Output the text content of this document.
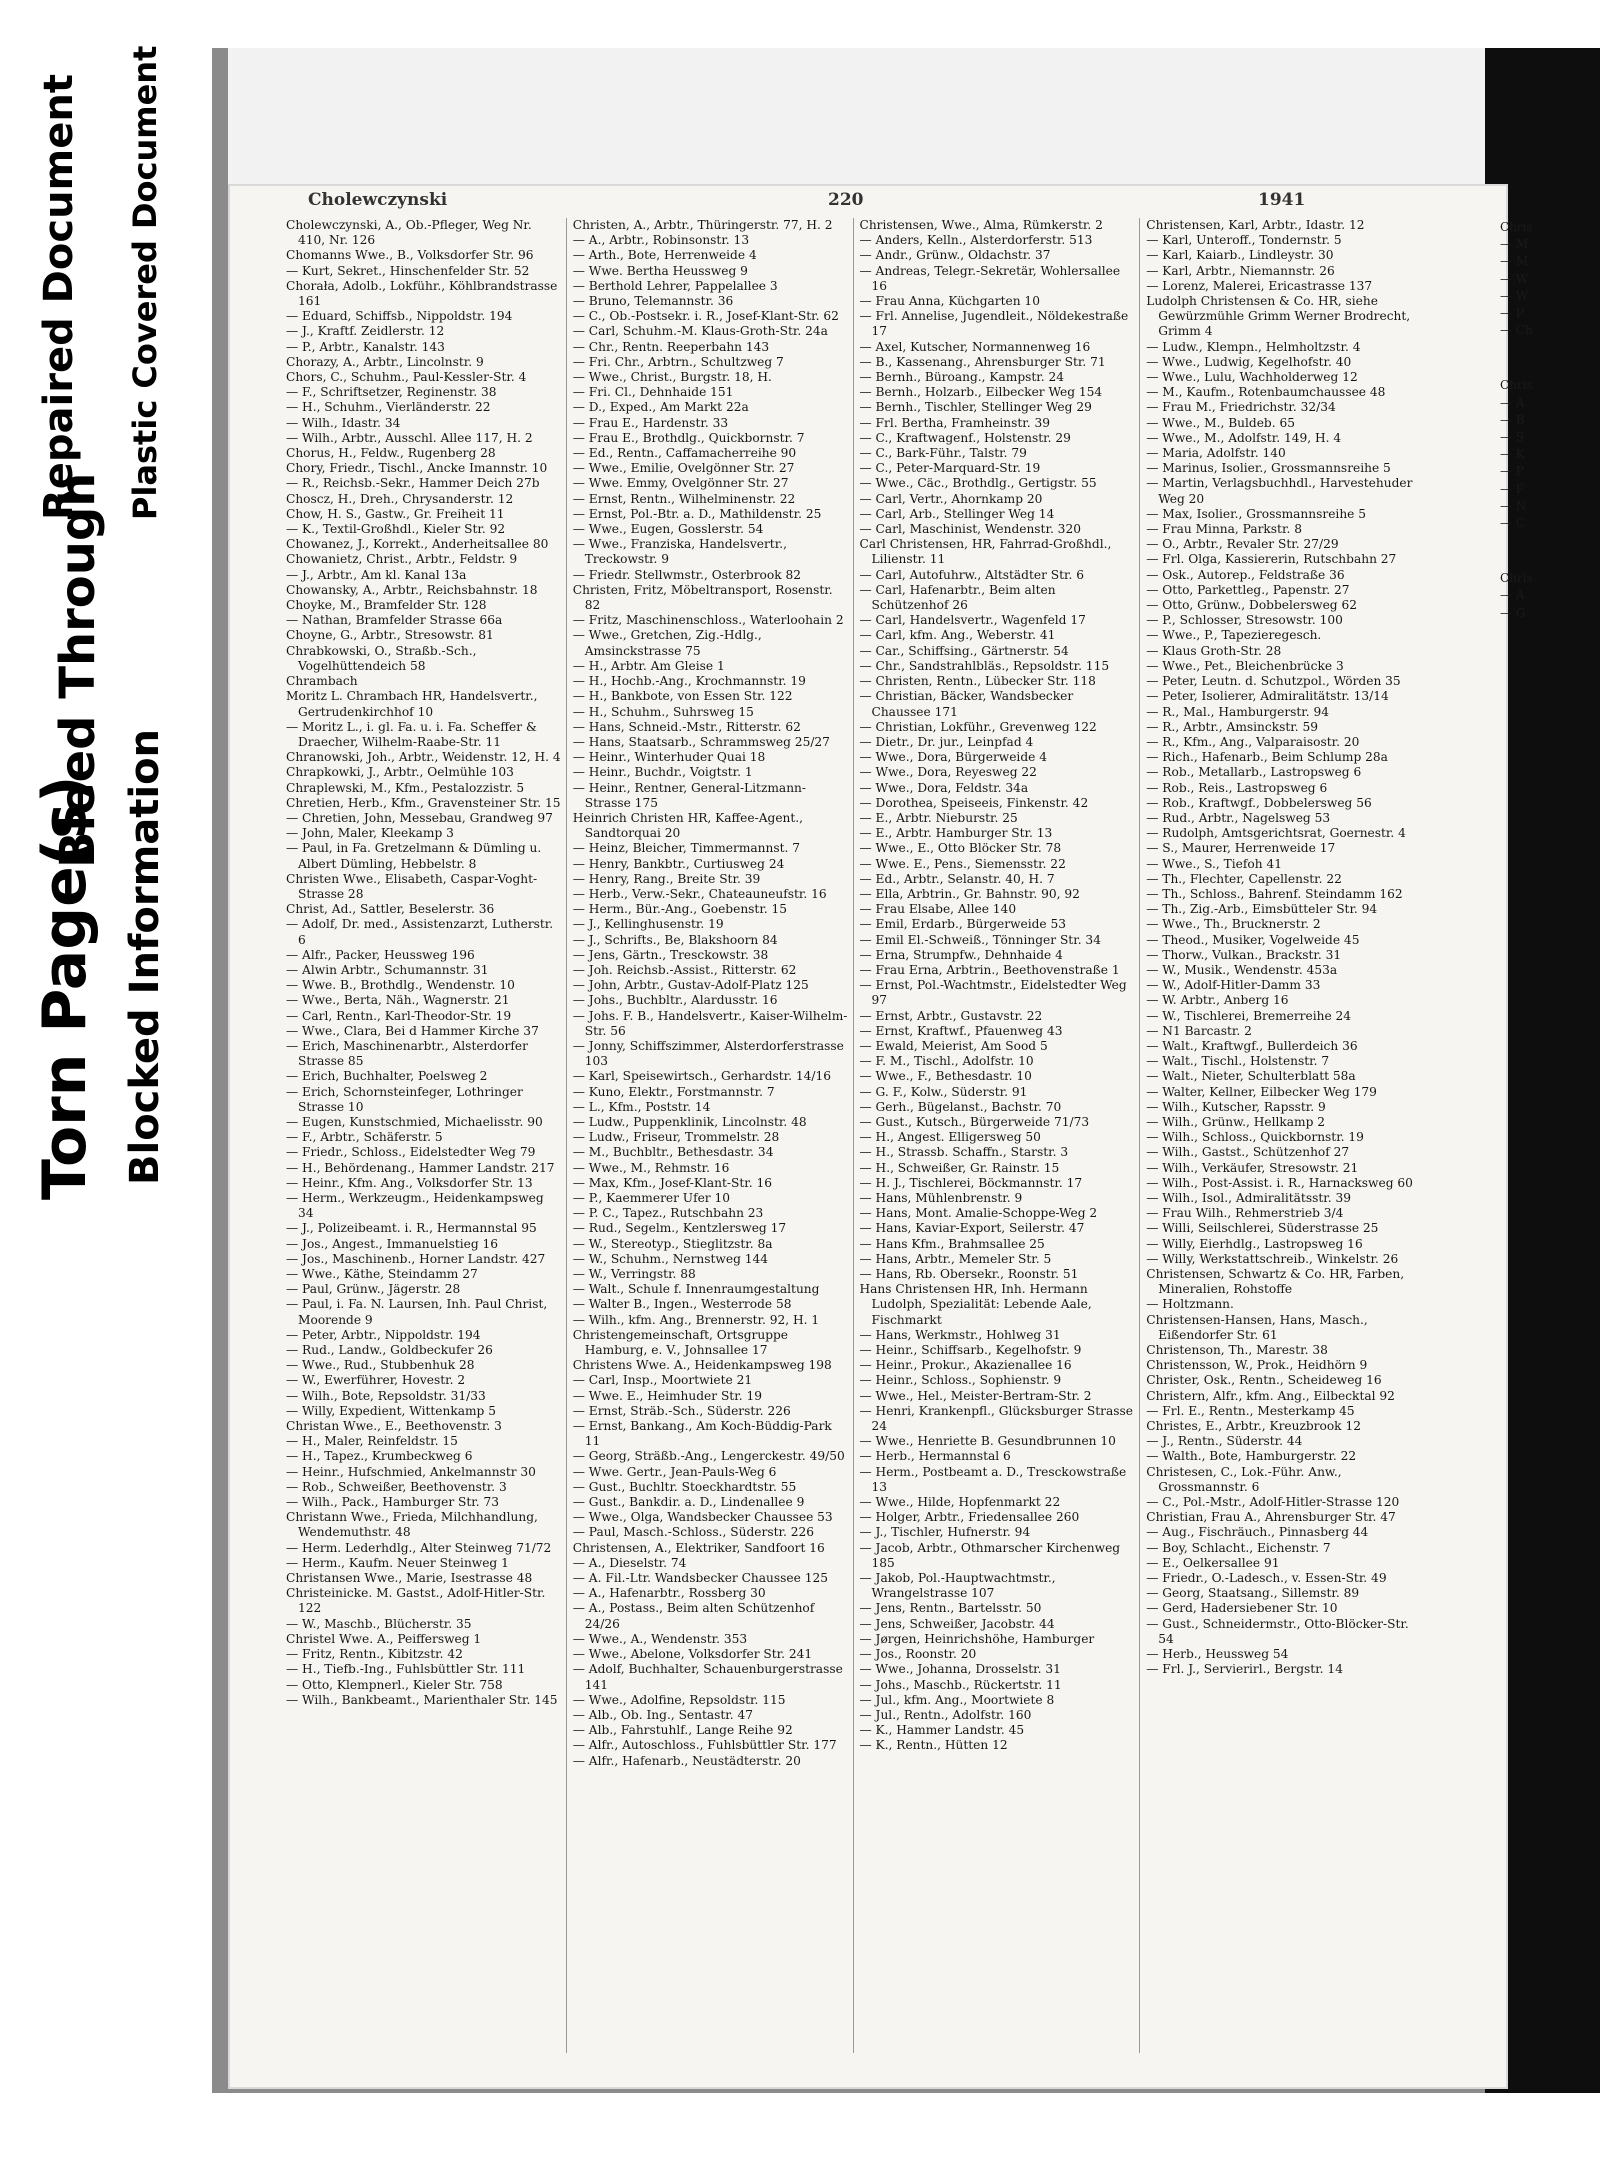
Torn Page(s) Blocked Information
Bleed Through
Repaired Document Plastic Covered Document	Cholewczynski	220	1941

Cholewczynski, A., Ob.-Pfleger, Weg Nr. 410, Nr. 126

Chomanns Wwe., B., Volksdorfer Str. 96

— Kurt, Sekret., Hinschenfelder Str. 52

Chorała, Adolb., Lokführ., Köhlbrandstrasse 161

— Eduard, Schiffsb., Nippoldstr. 194

— J., Kraftf. Zeidlerstr. 12

— P., Arbtr., Kanalstr. 143

Chorazy, A., Arbtr., Lincolnstr. 9

Chors, C., Schuhm., Paul-Kessler-Str. 4

— F., Schriftsetzer, Reginenstr. 38

— H., Schuhm., Vierländerstr. 22

— Wilh., Idastr. 34

— Wilh., Arbtr., Ausschl. Allee 117, H. 2

Chorus, H., Feldw., Rugenberg 28

Chory, Friedr., Tischl., Ancke Imannstr. 10

— R., Reichsb.-Sekr., Hammer Deich 27b

Choscz, H., Dreh., Chrysanderstr. 12

Chow, H. S., Gastw., Gr. Freiheit 11

— K., Textil-Großhdl., Kieler Str. 92

Chowanez, J., Korrekt., Anderheitsallee 80

Chowanietz, Christ., Arbtr., Feldstr. 9

— J., Arbtr., Am kl. Kanal 13a

Chowansky, A., Arbtr., Reichsbahnstr. 18

Choyke, M., Bramfelder Str. 128

— Nathan, Bramfelder Strasse 66a

Choyne, G., Arbtr., Stresowstr. 81

Chrabkowski, O., Straßb.-Sch., Vogelhüttendeich 58

Chrambach

Moritz L. Chrambach HR, Handelsvertr., Gertrudenkirchhof 10

— Moritz L., i. gl. Fa. u. i. Fa. Scheffer & Draecher, Wilhelm-Raabe-Str. 11

Chranowski, Joh., Arbtr., Weidenstr. 12, H. 4

Chrapkowki, J., Arbtr., Oelmühle 103

Chraplewski, M., Kfm., Pestalozzistr. 5

Chretien, Herb., Kfm., Gravensteiner Str. 15

— Chretien, John, Messebau, Grandweg 97

— John, Maler, Kleekamp 3

— Paul, in Fa. Gretzelmann & Dümling u. Albert Dümling, Hebbelstr. 8

Christen Wwe., Elisabeth, Caspar-Voght-Strasse 28

Christ, Ad., Sattler, Beselerstr. 36

— Adolf, Dr. med., Assistenzarzt, Lutherstr. 6

— Alfr., Packer, Heussweg 196

— Alwin Arbtr., Schumannstr. 31

— Wwe. B., Brothdlg., Wendenstr. 10

— Wwe., Berta, Näh., Wagnerstr. 21

— Carl, Rentn., Karl-Theodor-Str. 19

— Wwe., Clara, Bei d Hammer Kirche 37

— Erich, Maschinenarbtr., Alsterdorfer Strasse 85

— Erich, Buchhalter, Poelsweg 2

— Erich, Schornsteinfeger, Lothringer Strasse 10

— Eugen, Kunstschmied, Michaelisstr. 90

— F., Arbtr., Schäferstr. 5

— Friedr., Schloss., Eidelstedter Weg 79

— H., Behördenang., Hammer Landstr. 217

— Heinr., Kfm. Ang., Volksdorfer Str. 13

— Herm., Werkzeugm., Heidenkampsweg 34

— J., Polizeibeamt. i. R., Hermannstal 95

— Jos., Angest., Immanuelstieg 16

— Jos., Maschinenb., Horner Landstr. 427

— Wwe., Käthe, Steindamm 27

— Paul, Grünw., Jägerstr. 28

— Paul, i. Fa. N. Laursen, Inh. Paul Christ, Moorende 9

— Peter, Arbtr., Nippoldstr. 194

— Rud., Landw., Goldbeckufer 26

— Wwe., Rud., Stubbenhuk 28

— W., Ewerführer, Hovestr. 2

— Wilh., Bote, Repsoldstr. 31/33

— Willy, Expedient, Wittenkamp 5

Christan Wwe., E., Beethovenstr. 3

— H., Maler, Reinfeldstr. 15

— H., Tapez., Krumbeckweg 6

— Heinr., Hufschmied, Ankelmannstr 30

— Rob., Schweißer, Beethovenstr. 3

— Wilh., Pack., Hamburger Str. 73

Christann Wwe., Frieda, Milchhandlung, Wendemuthstr. 48

— Herm. Lederhdlg., Alter Steinweg 71/72

— Herm., Kaufm. Neuer Steinweg 1

Christansen Wwe., Marie, Isestrasse 48

Christeinicke. M. Gastst., Adolf-Hitler-Str. 122

— W., Maschb., Blücherstr. 35

Christel Wwe. A., Peiffersweg 1

— Fritz, Rentn., Kibitzstr. 42

— H., Tiefb.-Ing., Fuhlsbüttler Str. 111

— Otto, Klempnerl., Kieler Str. 758

— Wilh., Bankbeamt., Marienthaler Str. 145

Christen, A., Arbtr., Thüringerstr. 77, H. 2

— A., Arbtr., Robinsonstr. 13

— Arth., Bote, Herrenweide 4

— Wwe. Bertha Heussweg 9

— Berthold Lehrer, Pappelallee 3

— Bruno, Telemannstr. 36

— C., Ob.-Postsekr. i. R., Josef-Klant-Str. 62

— Carl, Schuhm.-M. Klaus-Groth-Str. 24a

— Chr., Rentn. Reeperbahn 143

— Fri. Chr., Arbtrn., Schultzweg 7

— Wwe., Christ., Burgstr. 18, H.

— Fri. Cl., Dehnhaide 151

— D., Exped., Am Markt 22a

— Frau E., Hardenstr. 33

— Frau E., Brothdlg., Quickbornstr. 7

— Ed., Rentn., Caffamacherreihe 90

— Wwe., Emilie, Ovelgönner Str. 27

— Wwe. Emmy, Ovelgönner Str. 27

— Ernst, Rentn., Wilhelminenstr. 22

— Ernst, Pol.-Btr. a. D., Mathildenstr. 25

— Wwe., Eugen, Gosslerstr. 54

— Wwe., Franziska, Handelsvertr., Treckowstr. 9

— Friedr. Stellwmstr., Osterbrook 82

Christen, Fritz, Möbeltransport, Rosenstr. 82

— Fritz, Maschinenschloss., Waterloohain 2

— Wwe., Gretchen, Zig.-Hdlg., Amsinckstrasse 75

— H., Arbtr. Am Gleise 1

— H., Hochb.-Ang., Krochmannstr. 19

— H., Bankbote, von Essen Str. 122

— H., Schuhm., Suhrsweg 15

— Hans, Schneid.-Mstr., Ritterstr. 62

— Hans, Staatsarb., Schrammsweg 25/27

— Heinr., Winterhuder Quai 18

— Heinr., Buchdr., Voigtstr. 1

— Heinr., Rentner, General-Litzmann-Strasse 175

Heinrich Christen HR, Kaffee-Agent., Sandtorquai 20

— Heinz, Bleicher, Timmermannst. 7

— Henry, Bankbtr., Curtiusweg 24

— Henry, Rang., Breite Str. 39

— Herb., Verw.-Sekr., Chateauneufstr. 16

— Herm., Bür.-Ang., Goebenstr. 15

— J., Kellinghusenstr. 19

— J., Schrifts., Be, Blakshoorn 84

— Jens, Gärtn., Tresckowstr. 38

— Joh. Reichsb.-Assist., Ritterstr. 62

— John, Arbtr., Gustav-Adolf-Platz 125

— Johs., Buchbltr., Alardusstr. 16

— Johs. F. B., Handelsvertr., Kaiser-Wilhelm-Str. 56

— Jonny, Schiffszimmer, Alsterdorferstrasse 103

— Karl, Speisewirtsch., Gerhardstr. 14/16

— Kuno, Elektr., Forstmannstr. 7

— L., Kfm., Poststr. 14

— Ludw., Puppenklinik, Lincolnstr. 48

— Ludw., Friseur, Trommelstr. 28

— M., Buchbltr., Bethesdastr. 34

— Wwe., M., Rehmstr. 16

— Max, Kfm., Josef-Klant-Str. 16

— P., Kaemmerer Ufer 10

— P. C., Tapez., Rutschbahn 23

— Rud., Segelm., Kentzlersweg 17

— W., Stereotyp., Stieglitzstr. 8a

— W., Schuhm., Nernstweg 144

— W., Verringstr. 88

— Walt., Schule f. Innenraumgestaltung

— Walter B., Ingen., Westerrode 58

— Wilh., kfm. Ang., Brennerstr. 92, H. 1

Christengemeinschaft, Ortsgruppe Hamburg, e. V., Johnsallee 17

Christens Wwe. A., Heidenkampsweg 198

— Carl, Insp., Moortwiete 21

— Wwe. E., Heimhuder Str. 19

— Ernst, Sträb.-Sch., Süderstr. 226

— Ernst, Bankang., Am Koch-Büddig-Park 11

— Georg, Sträßb.-Ang., Lengerckestr. 49/50

— Wwe. Gertr., Jean-Pauls-Weg 6

— Gust., Buchltr. Stoeckhardtstr. 55

— Gust., Bankdir. a. D., Lindenallee 9

— Wwe., Olga, Wandsbecker Chaussee 53

— Paul, Masch.-Schloss., Süderstr. 226

Christensen, A., Elektriker, Sandfoort 16

— A., Dieselstr. 74

— A. Fil.-Ltr. Wandsbecker Chaussee 125

— A., Hafenarbtr., Rossberg 30

— A., Postass., Beim alten Schützenhof 24/26

— Wwe., A., Wendenstr. 353

— Wwe., Abelone, Volksdorfer Str. 241

— Adolf, Buchhalter, Schauenburgerstrasse 141

— Wwe., Adolfine, Repsoldstr. 115

— Alb., Ob. Ing., Sentastr. 47

— Alb., Fahrstuhlf., Lange Reihe 92

— Alfr., Autoschloss., Fuhlsbüttler Str. 177

— Alfr., Hafenarb., Neustädterstr. 20

Christensen, Wwe., Alma, Rümkerstr. 2

— Anders, Kelln., Alsterdorferstr. 513

— Andr., Grünw., Oldachstr. 37

— Andreas, Telegr.-Sekretär, Wohlersallee 16

— Frau Anna, Küchgarten 10

— Frl. Annelise, Jugendleit., Nöldekestraße 17

— Axel, Kutscher, Normannenweg 16

— B., Kassenang., Ahrensburger Str. 71

— Bernh., Büroang., Kampstr. 24

— Bernh., Holzarb., Eilbecker Weg 154

— Bernh., Tischler, Stellinger Weg 29

— Frl. Bertha, Framheinstr. 39

— C., Kraftwagenf., Holstenstr. 29

— C., Bark-Führ., Talstr. 79

— C., Peter-Marquard-Str. 19

— Wwe., Cäc., Brothdlg., Gertigstr. 55

— Carl, Vertr., Ahornkamp 20

— Carl, Arb., Stellinger Weg 14

— Carl, Maschinist, Wendenstr. 320

Carl Christensen, HR, Fahrrad-Großhdl., Lilienstr. 11

— Carl, Autofuhrw., Altstädter Str. 6

— Carl, Hafenarbtr., Beim alten Schützenhof 26

— Carl, Handelsvertr., Wagenfeld 17

— Carl, kfm. Ang., Weberstr. 41

— Car., Schiffsing., Gärtnerstr. 54

— Chr., Sandstrahlbläs., Repsoldstr. 115

— Christen, Rentn., Lübecker Str. 118

— Christian, Bäcker, Wandsbecker Chaussee 171

— Christian, Lokführ., Grevenweg 122

— Dietr., Dr. jur., Leinpfad 4

— Wwe., Dora, Bürgerweide 4

— Wwe., Dora, Reyesweg 22

— Wwe., Dora, Feldstr. 34a

— Dorothea, Speiseeis, Finkenstr. 42

— E., Arbtr. Nieburstr. 25

— E., Arbtr. Hamburger Str. 13

— Wwe., E., Otto Blöcker Str. 78

— Wwe. E., Pens., Siemensstr. 22

— Ed., Arbtr., Selanstr. 40, H. 7

— Ella, Arbtrin., Gr. Bahnstr. 90, 92

— Frau Elsabe, Allee 140

— Emil, Erdarb., Bürgerweide 53

— Emil El.-Schweiß., Tönninger Str. 34

— Erna, Strumpfw., Dehnhaide 4

— Frau Erna, Arbtrin., Beethovenstraße 1

— Ernst, Pol.-Wachtmstr., Eidelstedter Weg 97

— Ernst, Arbtr., Gustavstr. 22

— Ernst, Kraftwf., Pfauenweg 43

— Ewald, Meierist, Am Sood 5

— F. M., Tischl., Adolfstr. 10

— Wwe., F., Bethesdastr. 10

— G. F., Kolw., Süderstr. 91

— Gerh., Bügelanst., Bachstr. 70

— Gust., Kutsch., Bürgerweide 71/73

— H., Angest. Elligersweg 50

— H., Strassb. Schaffn., Starstr. 3

— H., Schweißer, Gr. Rainstr. 15

— H. J., Tischlerei, Böckmannstr. 17

— Hans, Mühlenbrenstr. 9

— Hans, Mont. Amalie-Schoppe-Weg 2

— Hans, Kaviar-Export, Seilerstr. 47

— Hans Kfm., Brahmsallee 25

— Hans, Arbtr., Memeler Str. 5

— Hans, Rb. Obersekr., Roonstr. 51

Hans Christensen HR, Inh. Hermann Ludolph, Spezialität: Lebende Aale, Fischmarkt

— Hans, Werkmstr., Hohlweg 31

— Heinr., Schiffsarb., Kegelhofstr. 9

— Heinr., Prokur., Akazienallee 16

— Heinr., Schloss., Sophienstr. 9

— Wwe., Hel., Meister-Bertram-Str. 2

— Henri, Krankenpfl., Glücksburger Strasse 24

— Wwe., Henriette B. Gesundbrunnen 10

— Herb., Hermannstal 6

— Herm., Postbeamt a. D., Tresckowstraße 13

— Wwe., Hilde, Hopfenmarkt 22

— Holger, Arbtr., Friedensallee 260

— J., Tischler, Hufnerstr. 94

— Jacob, Arbtr., Othmarscher Kirchenweg 185

— Jakob, Pol.-Hauptwachtmstr., Wrangelstrasse 107

— Jens, Rentn., Bartelsstr. 50

— Jens, Schweißer, Jacobstr. 44

— Jørgen, Heinrichshöhe, Hamburger

— Jos., Roonstr. 20

— Wwe., Johanna, Drosselstr. 31

— Johs., Maschb., Rückertstr. 11

— Jul., kfm. Ang., Moortwiete 8

— Jul., Rentn., Adolfstr. 160

— K., Hammer Landstr. 45

— K., Rentn., Hütten 12

Christensen, Karl, Arbtr., Idastr. 12

— Karl, Unteroff., Tondernstr. 5

— Karl, Kaiarb., Lindleystr. 30

— Karl, Arbtr., Niemannstr. 26

— Lorenz, Malerei, Ericastrasse 137

Ludolph Christensen & Co. HR, siehe Gewürzmühle Grimm Werner Brodrecht, Grimm 4

— Ludw., Klempn., Helmholtzstr. 4

— Wwe., Ludwig, Kegelhofstr. 40

— Wwe., Lulu, Wachholderweg 12

— M., Kaufm., Rotenbaumchaussee 48

— Frau M., Friedrichstr. 32/34

— Wwe., M., Buldeb. 65

— Wwe., M., Adolfstr. 149, H. 4

— Maria, Adolfstr. 140

— Marinus, Isolier., Grossmannsreihe 5

— Martin, Verlagsbuchhdl., Harvestehuder Weg 20

— Max, Isolier., Grossmannsreihe 5

— Frau Minna, Parkstr. 8

— O., Arbtr., Revaler Str. 27/29

— Frl. Olga, Kassiererin, Rutschbahn 27

— Osk., Autorep., Feldstraße 36

— Otto, Parkettleg., Papenstr. 27

— Otto, Grünw., Dobbelersweg 62

— P., Schlosser, Stresowstr. 100

— Wwe., P., Tapezieregesch.

— Klaus Groth-Str. 28

— Wwe., Pet., Bleichenbrücke 3

— Peter, Leutn. d. Schutzpol., Wörden 35

— Peter, Isolierer, Admiralitätstr. 13/14

— R., Mal., Hamburgerstr. 94

— R., Arbtr., Amsinckstr. 59

— R., Kfm., Ang., Valparaisostr. 20

— Rich., Hafenarb., Beim Schlump 28a

— Rob., Metallarb., Lastropsweg 6

— Rob., Reis., Lastropsweg 6

— Rob., Kraftwgf., Dobbelersweg 56

— Rud., Arbtr., Nagelsweg 53

— Rudolph, Amtsgerichtsrat, Goernestr. 4

— S., Maurer, Herrenweide 17

— Wwe., S., Tiefoh 41

— Th., Flechter, Capellenstr. 22

— Th., Schloss., Bahrenf. Steindamm 162

— Th., Zig.-Arb., Eimsbütteler Str. 94

— Wwe., Th., Brucknerstr. 2

— Theod., Musiker, Vogelweide 45

— Thorw., Vulkan., Brackstr. 31

— W., Musik., Wendenstr. 453a

— W., Adolf-Hitler-Damm 33

— W. Arbtr., Anberg 16

— W., Tischlerei, Bremerreihe 24

— N1 Barcastr. 2

— Walt., Kraftwgf., Bullerdeich 36

— Walt., Tischl., Holstenstr. 7

— Walt., Nieter, Schulterblatt 58a

— Walter, Kellner, Eilbecker Weg 179

— Wilh., Kutscher, Rapsstr. 9

— Wilh., Grünw., Hellkamp 2

— Wilh., Schloss., Quickbornstr. 19

— Wilh., Gastst., Schützenhof 27

— Wilh., Verkäufer, Stresowstr. 21

— Wilh., Post-Assist. i. R., Harnacksweg 60

— Wilh., Isol., Admiralitätsstr. 39

— Frau Wilh., Rehmerstrieb 3/4

— Willi, Seilschlerei, Süderstrasse 25

— Willy, Eierhdlg., Lastropsweg 16

— Willy, Werkstattschreib., Winkelstr. 26

Christensen, Schwartz & Co. HR, Farben, Mineralien, Rohstoffe

— Holtzmann.

Christensen-Hansen, Hans, Masch., Eißendorfer Str. 61

Christenson, Th., Marestr. 38

Christensson, W., Prok., Heidhörn 9

Christer, Osk., Rentn., Scheideweg 16

Christern, Alfr., kfm. Ang., Eilbecktal 92

— Frl. E., Rentn., Mesterkamp 45

Christes, E., Arbtr., Kreuzbrook 12

— J., Rentn., Süderstr. 44

— Walth., Bote, Hamburgerstr. 22

Christesen, C., Lok.-Führ. Anw., Grossmannstr. 6

— C., Pol.-Mstr., Adolf-Hitler-Strasse 120

Christian, Frau A., Ahrensburger Str. 47

— Aug., Fischräuch., Pinnasberg 44

— Boy, Schlacht., Eichenstr. 7

— E., Oelkersallee 91

— Friedr., O.-Ladesch., v. Essen-Str. 49

— Georg, Staatsang., Sillemstr. 89

— Gerd, Hadersiebener Str. 10

— Gust., Schneidermstr., Otto-Blöcker-Str. 54

— Herb., Heussweg 54

— Frl. J., Servierirl., Bergstr. 14

Chris
— M
— M
— W
— W
— P
— Ch
Chris
— A
— B
— S
— K
— P
— F
— N
— C
Chris
— A
— G
